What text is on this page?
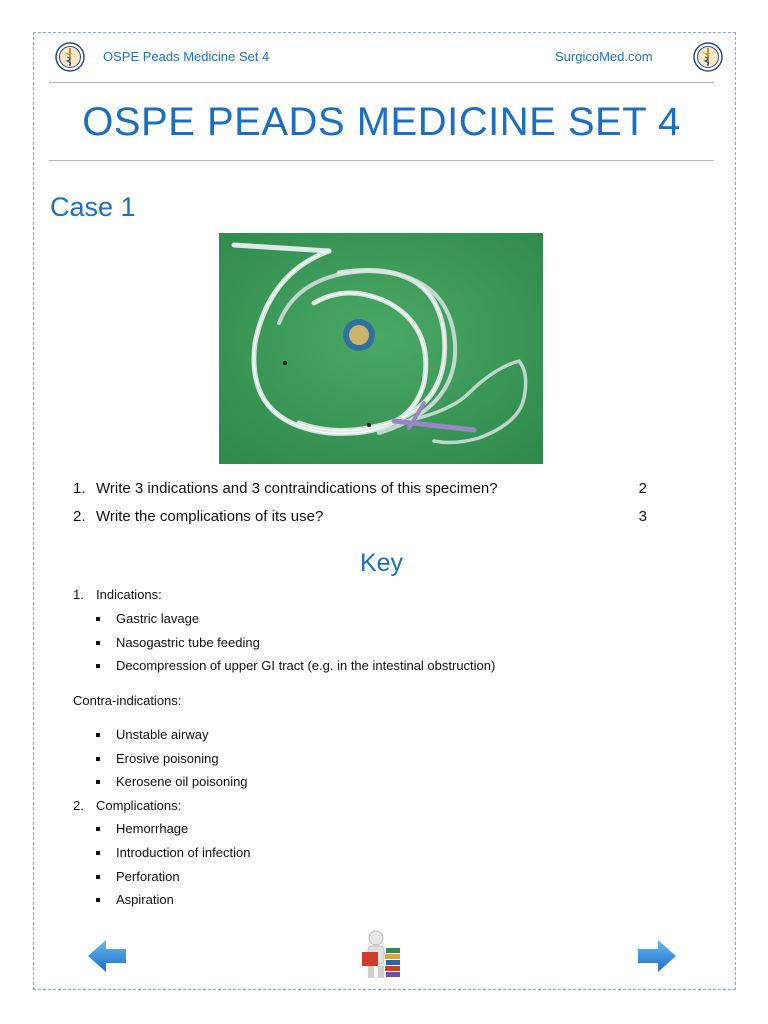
OSPE Peads Medicine Set 4	SurgicoMed.com
OSPE PEADS MEDICINE SET 4
Case 1
1. Write 3 indications and 3 contraindications of this specimen?	2
2. Write the complications of its use?	3
Key
1. Indications:
Gastric lavage
Nasogastric tube feeding
Decompression of upper GI tract (e.g. in the intestinal obstruction)
Contra-indications:
Unstable airway
Erosive poisoning
Kerosene oil poisoning
2. Complications:
Hemorrhage
Introduction of infection
Perforation
Aspiration
